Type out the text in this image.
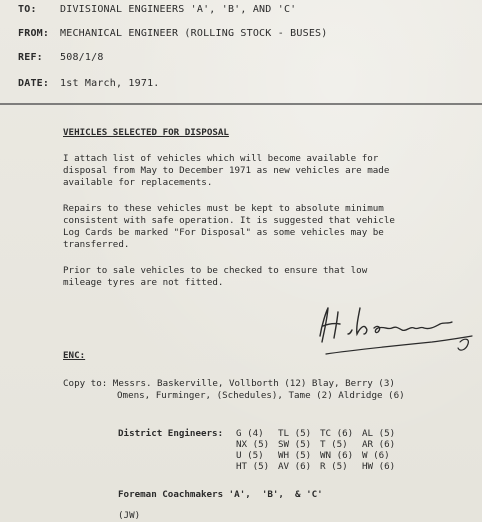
TO:	DIVISIONAL ENGINEERS 'A', 'B', AND 'C'
FROM:	MECHANICAL ENGINEER (ROLLING STOCK - BUSES)
REF:	508/1/8
DATE:	1st March, 1971.
VEHICLES SELECTED FOR DISPOSAL
I attach list of vehicles which will become available for
disposal from May to December 1971 as new vehicles are made
available for replacements.
Repairs to these vehicles must be kept to absolute minimum
consistent with safe operation. It is suggested that vehicle
Log Cards be marked "For Disposal" as some vehicles may be
transferred.
Prior to sale vehicles to be checked to ensure that low
mileage tyres are not fitted.
ENC:
Copy to: Messrs. Baskerville, Vollborth (12) Blay, Berry (3)
Omens, Furminger, (Schedules), Tame (2) Aldridge (6)
District Engineers: G (4)	TL (5) TC (6) AL (5)
NX (5) SW (5) T (5)	AR (6)
U (5)	WH (5) WN (6) W (6)
HT (5) AV (6) R (5)	HW (6)
Foreman Coachmakers 'A',  'B',  & 'C'
(JW)
